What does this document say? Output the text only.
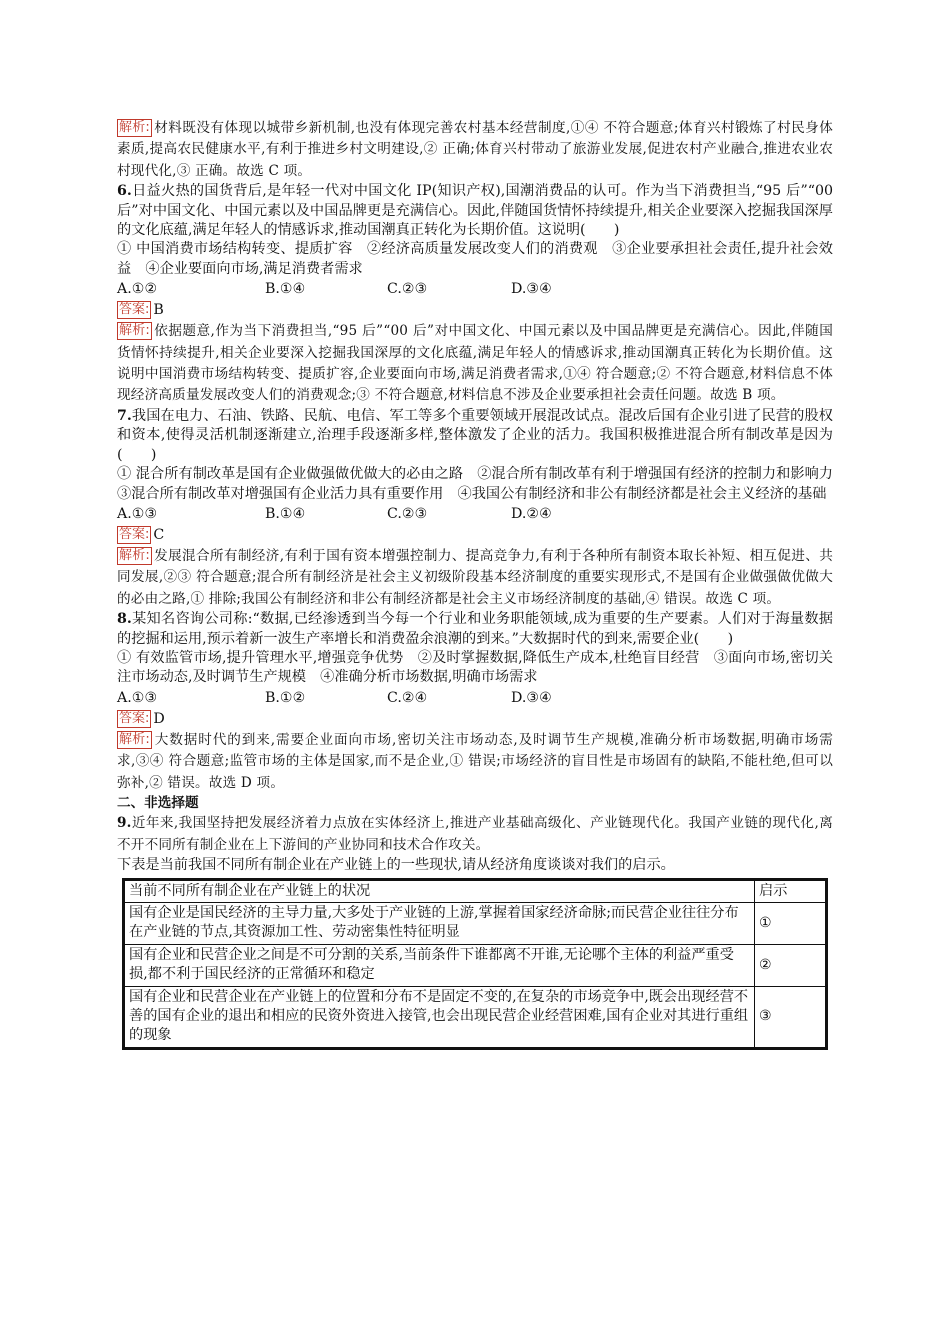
解析: 材料既没有体现以城带乡新机制,也没有体现完善农村基本经营制度,①④ 不符合题意;体育兴村锻炼了村民身体素质,提高农民健康水平,有利于推进乡村文明建设,② 正确;体育兴村带动了旅游业发展,促进农村产业融合,推进农业农村现代化,③ 正确。故选 C 项。

6.日益火热的国货背后,是年轻一代对中国文化 IP(知识产权),国潮消费品的认可。作为当下消费担当,“95 后”“00 后”对中国文化、中国元素以及中国品牌更是充满信心。因此,伴随国货情怀持续提升,相关企业要深入挖掘我国深厚的文化底蕴,满足年轻人的情感诉求,推动国潮真正转化为长期价值。这说明(　　)

① 中国消费市场结构转变、提质扩容　②经济高质量发展改变人们的消费观　③企业要承担社会责任,提升社会效益　④企业要面向市场,满足消费者需求

A.①②	B.①④	C.②③	D.③④
答案: B

解析: 依据题意,作为当下消费担当,“95 后”“00 后”对中国文化、中国元素以及中国品牌更是充满信心。因此,伴随国货情怀持续提升,相关企业要深入挖掘我国深厚的文化底蕴,满足年轻人的情感诉求,推动国潮真正转化为长期价值。这说明中国消费市场结构转变、提质扩容,企业要面向市场,满足消费者需求,①④ 符合题意;② 不符合题意,材料信息不体现经济高质量发展改变人们的消费观念;③ 不符合题意,材料信息不涉及企业要承担社会责任问题。故选 B 项。

7.我国在电力、石油、铁路、民航、电信、军工等多个重要领域开展混改试点。混改后国有企业引进了民营的股权和资本,使得灵活机制逐渐建立,治理手段逐渐多样,整体激发了企业的活力。我国积极推进混合所有制改革是因为(　　)

① 混合所有制改革是国有企业做强做优做大的必由之路　②混合所有制改革有利于增强国有经济的控制力和影响力　③混合所有制改革对增强国有企业活力具有重要作用　④我国公有制经济和非公有制经济都是社会主义经济的基础

A.①③	B.①④	C.②③	D.②④
答案: C

解析: 发展混合所有制经济,有利于国有资本增强控制力、提高竞争力,有利于各种所有制资本取长补短、相互促进、共同发展,②③ 符合题意;混合所有制经济是社会主义初级阶段基本经济制度的重要实现形式,不是国有企业做强做优做大的必由之路,① 排除;我国公有制经济和非公有制经济都是社会主义市场经济制度的基础,④ 错误。故选 C 项。

8.某知名咨询公司称:“数据,已经渗透到当今每一个行业和业务职能领域,成为重要的生产要素。人们对于海量数据的挖掘和运用,预示着新一波生产率增长和消费盈余浪潮的到来。”大数据时代的到来,需要企业(　　)

① 有效监管市场,提升管理水平,增强竞争优势　②及时掌握数据,降低生产成本,杜绝盲目经营　③面向市场,密切关注市场动态,及时调节生产规模　④准确分析市场数据,明确市场需求

A.①③	B.①②	C.②④	D.③④
答案: D

解析: 大数据时代的到来,需要企业面向市场,密切关注市场动态,及时调节生产规模,准确分析市场数据,明确市场需求,③④ 符合题意;监管市场的主体是国家,而不是企业,① 错误;市场经济的盲目性是市场固有的缺陷,不能杜绝,但可以弥补,② 错误。故选 D 项。

二、非选择题

9.近年来,我国坚持把发展经济着力点放在实体经济上,推进产业基础高级化、产业链现代化。我国产业链的现代化,离不开不同所有制企业在上下游间的产业协同和技术合作攻关。

下表是当前我国不同所有制企业在产业链上的一些现状,请从经济角度谈谈对我们的启示。

当前不同所有制企业在产业链上的状况	启示
国有企业是国民经济的主导力量,大多处于产业链的上游,掌握着国家经济命脉;而民营企业往往分布在产业链的节点,其资源加工性、劳动密集性特征明显	①
国有企业和民营企业之间是不可分割的关系,当前条件下谁都离不开谁,无论哪个主体的利益严重受损,都不利于国民经济的正常循环和稳定	②
国有企业和民营企业在产业链上的位置和分布不是固定不变的,在复杂的市场竞争中,既会出现经营不善的国有企业的退出和相应的民资外资进入接管,也会出现民营企业经营困难,国有企业对其进行重组的现象	③
